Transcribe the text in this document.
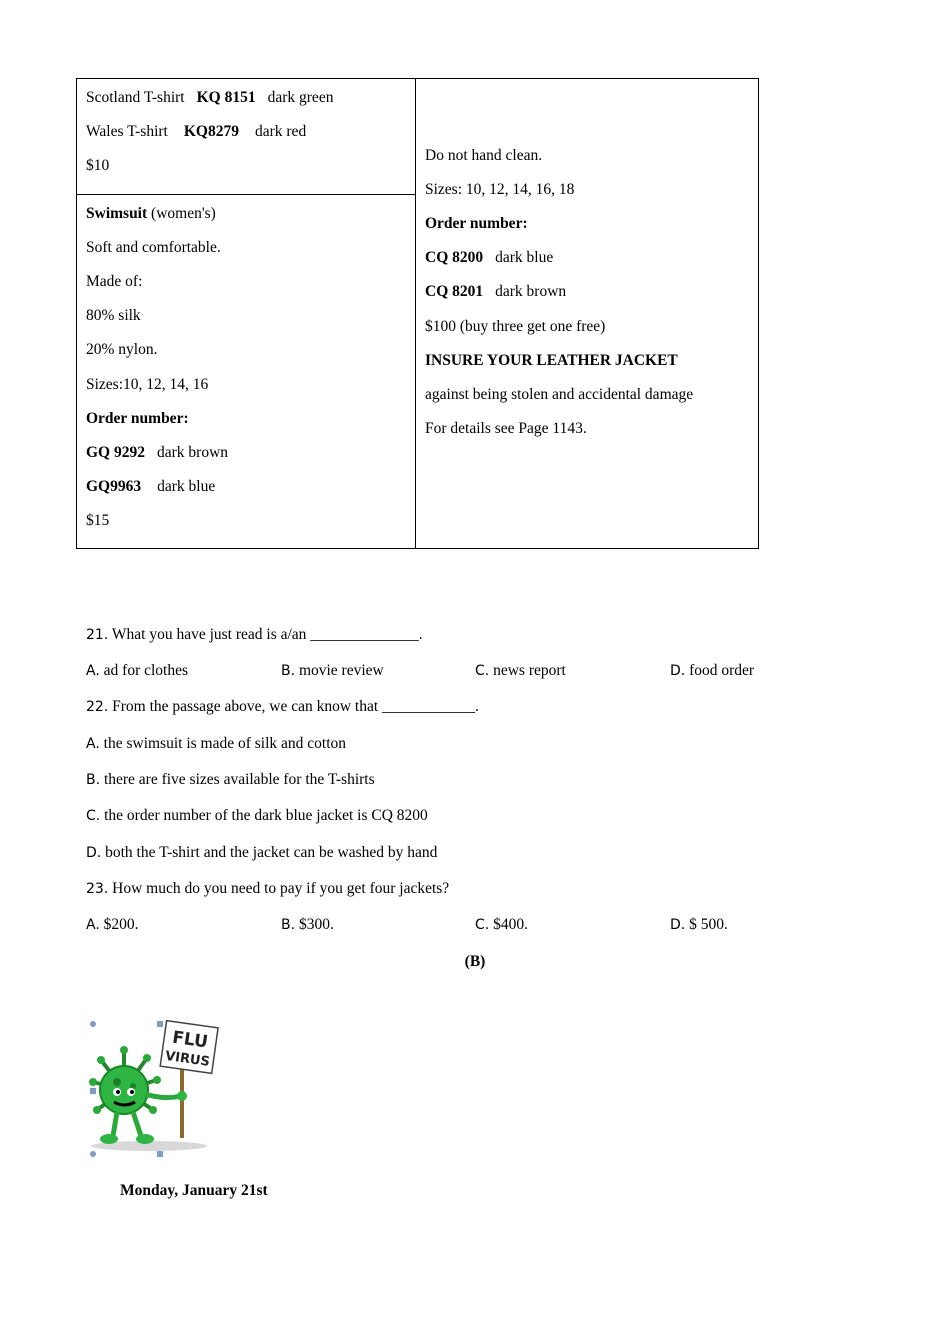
Scotland T-shirt KQ 8151 dark green
Wales T-shirt KQ8279 dark red
$10
Swimsuit (women's)
Soft and comfortable.
Made of:
80% silk
20% nylon.
Sizes:10, 12, 14, 16
Order number:
GQ 9292 dark brown
GQ9963 dark blue
$15
Do not hand clean.
Sizes: 10, 12, 14, 16, 18
Order number:
CQ 8200 dark blue
CQ 8201 dark brown
$100 (buy three get one free)
INSURE YOUR LEATHER JACKET
against being stolen and accidental damage
For details see Page 1143.
21. What you have just read is a/an ______________.
A. ad for clothes	B. movie review	C. news report	D. food order
22. From the passage above, we can know that ____________.
A. the swimsuit is made of silk and cotton
B. there are five sizes available for the T-shirts
C. the order number of the dark blue jacket is CQ 8200
D. both the T-shirt and the jacket can be washed by hand
23. How much do you need to pay if you get four jackets?
A. $200.	B. $300.	C. $400.	D. $ 500.
(B)
FLU
VIRUS
Monday, January 21st
